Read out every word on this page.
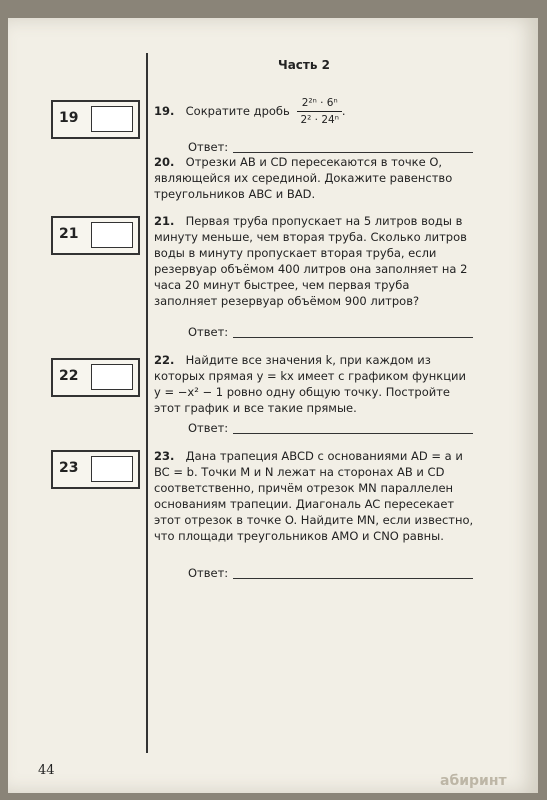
Часть 2
19	19. Сократите дробь $\frac{\text{2²ⁿ · 6ⁿ}}{\text{2² · 24ⁿ}}$ .
Ответ:
20. Отрезки AB и CD пересекаются в точке O, являющейся их серединой. Докажите равенство треугольников ABC и BAD.
21
21. Первая труба пропускает на 5 литров воды в минуту меньше, чем вторая труба. Сколько литров воды в минуту пропускает вторая труба, если резервуар объёмом 400 литров она заполняет на 2 часа 20 минут быстрее, чем первая труба заполняет резервуар объёмом 900 литров?
Ответ:
22
22. Найдите все значения k, при каждом из которых прямая y = kx имеет с графиком функции y = −x² − 1 ровно одну общую точку. Постройте этот график и все такие прямые.
Ответ:
23
23. Дана трапеция ABCD с основаниями AD = a и BC = b. Точки M и N лежат на сторонах AB и CD соответственно, причём отрезок MN параллелен основаниям трапеции. Диагональ AC пересекает этот отрезок в точке O. Найдите MN, если известно, что площади треугольников AMO и CNO равны.
Ответ:
44
абиринт
